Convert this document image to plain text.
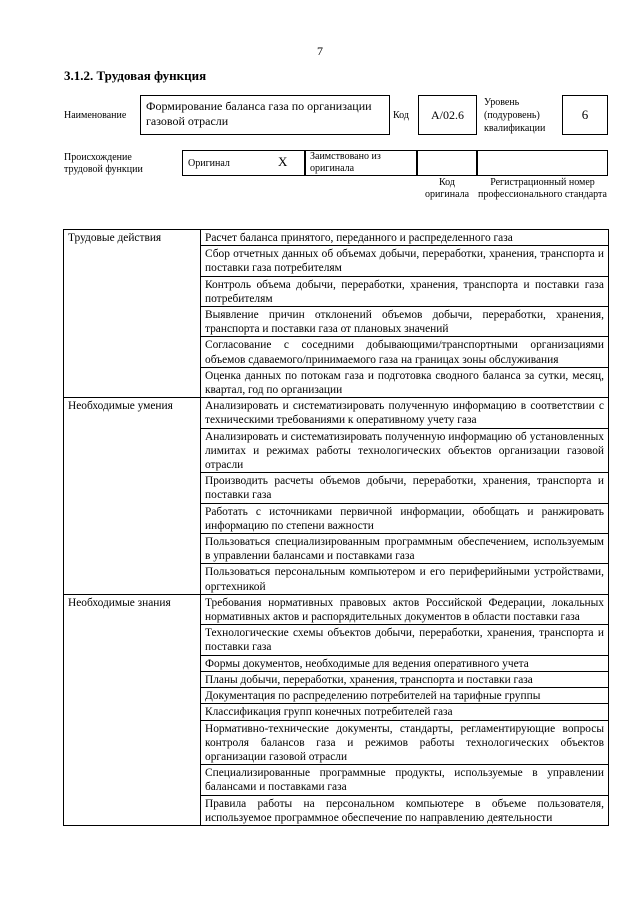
7
3.1.2. Трудовая функция
Наименование
Формирование баланса газа по организации газовой отрасли	Код	A/02.6
Уровень (подуровень) квалификации
6
Происхождение трудовой функции
Оригинал	X Заимствовано из оригинала
Код оригинала
Регистрационный номер профессионального стандарта
Трудовые действия	Расчет баланса принятого, переданного и распределенного газа
	Сбор отчетных данных об объемах добычи, переработки, хранения, транспорта и поставки газа потребителям
	Контроль объема добычи, переработки, хранения, транспорта и поставки газа потребителям
	Выявление причин отклонений объемов добычи, переработки, хранения, транспорта и поставки газа от плановых значений
	Согласование с соседними добывающими/транспортными организациями объемов сдаваемого/принимаемого газа на границах зоны обслуживания
	Оценка данных по потокам газа и подготовка сводного баланса за сутки, месяц, квартал, год по организации
Необходимые умения	Анализировать и систематизировать полученную информацию в соответствии с техническими требованиями к оперативному учету газа
	Анализировать и систематизировать полученную информацию об установленных лимитах и режимах работы технологических объектов организации газовой отрасли
	Производить расчеты объемов добычи, переработки, хранения, транспорта и поставки газа
	Работать с источниками первичной информации, обобщать и ранжировать информацию по степени важности
	Пользоваться специализированным программным обеспечением, используемым в управлении балансами и поставками газа
	Пользоваться персональным компьютером и его периферийными устройствами, оргтехникой
Необходимые знания	Требования нормативных правовых актов Российской Федерации, локальных нормативных актов и распорядительных документов в области поставки газа
	Технологические схемы объектов добычи, переработки, хранения, транспорта и поставки газа
	Формы документов, необходимые для ведения оперативного учета
	Планы добычи, переработки, хранения, транспорта и поставки газа
	Документация по распределению потребителей на тарифные группы
	Классификация групп конечных потребителей газа
	Нормативно-технические документы, стандарты, регламентирующие вопросы контроля балансов газа и режимов работы технологических объектов организации газовой отрасли
	Специализированные программные продукты, используемые в управлении балансами и поставками газа
	Правила работы на персональном компьютере в объеме пользователя, используемое программное обеспечение по направлению деятельности
